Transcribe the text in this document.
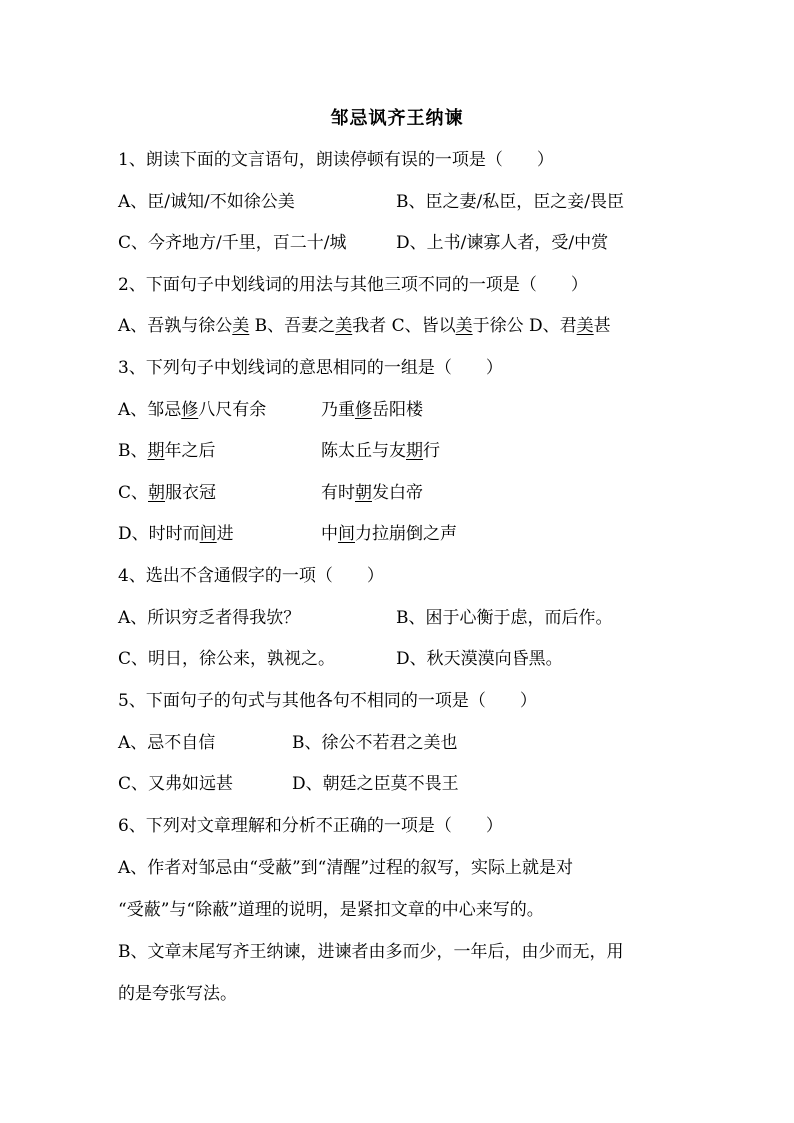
邹忌讽齐王纳谏
1、朗读下面的文言语句，朗读停顿有误的一项是（　　）
A、臣/诚知/不如徐公美	B、臣之妻/私臣，臣之妾/畏臣
C、今齐地方/千里，百二十/城	D、上书/谏寡人者，受/中赏
2、下面句子中划线词的用法与其他三项不同的一项是（　　）
A、吾孰与徐公美 B、吾妻之美我者 C、皆以美于徐公 D、君美甚
3、下列句子中划线词的意思相同的一组是（　　）
A、邹忌修八尺有余	乃重修岳阳楼
B、期年之后	陈太丘与友期行
C、朝服衣冠	有时朝发白帝
D、时时而间进	中间力拉崩倒之声
4、选出不含通假字的一项（　　）
A、所识穷乏者得我欤？	B、困于心衡于虑，而后作。
C、明日，徐公来，孰视之。	D、秋天漠漠向昏黑。
5、下面句子的句式与其他各句不相同的一项是（　　）
A、忌不自信	B、徐公不若君之美也
C、又弗如远甚	D、朝廷之臣莫不畏王
6、下列对文章理解和分析不正确的一项是（　　）
A、作者对邹忌由“受蔽”到“清醒”过程的叙写，实际上就是对
“受蔽”与“除蔽”道理的说明，是紧扣文章的中心来写的。
B、文章末尾写齐王纳谏，进谏者由多而少，一年后，由少而无，用
的是夸张写法。
